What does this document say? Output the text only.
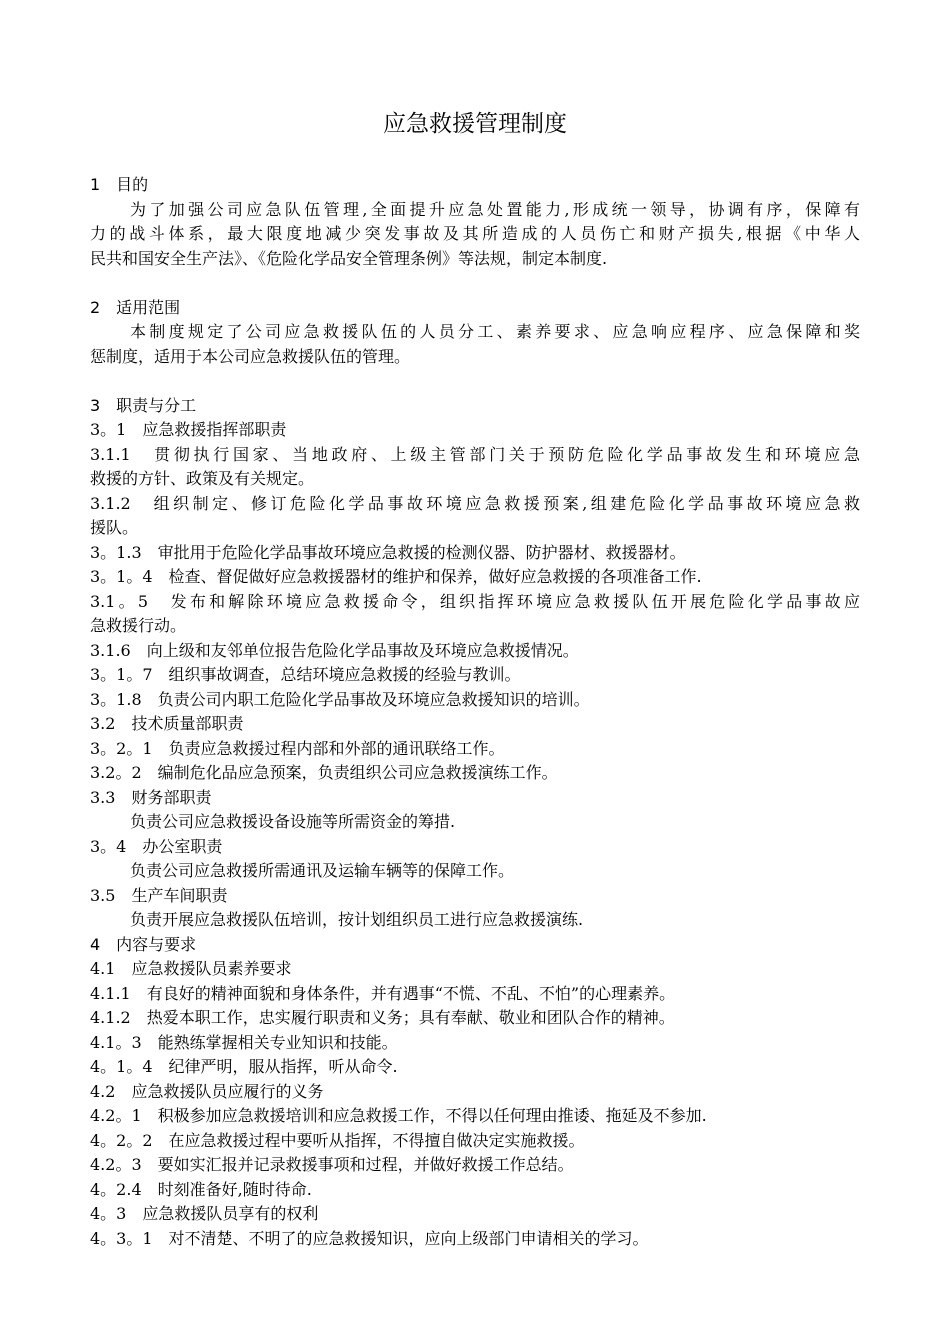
应急救援管理制度
1　目的
为了加强公司应急队伍管理,全面提升应急处置能力,形成统一领导，协调有序，保障有
力的战斗体系，最大限度地减少突发事故及其所造成的人员伤亡和财产损失,根据《中华人
民共和国安全生产法》、《危险化学品安全管理条例》等法规，制定本制度.
2　适用范围
本制度规定了公司应急救援队伍的人员分工、素养要求、应急响应程序、应急保障和奖
惩制度，适用于本公司应急救援队伍的管理。
3　职责与分工
3。1　应急救援指挥部职责
3.1.1　贯彻执行国家、当地政府、上级主管部门关于预防危险化学品事故发生和环境应急
救援的方针、政策及有关规定。
3.1.2　组织制定、修订危险化学品事故环境应急救援预案,组建危险化学品事故环境应急救
援队。
3。1.3　审批用于危险化学品事故环境应急救援的检测仪器、防护器材、救援器材。
3。1。4　检查、督促做好应急救援器材的维护和保养，做好应急救援的各项准备工作.
3.1。5　发布和解除环境应急救援命令，组织指挥环境应急救援队伍开展危险化学品事故应
急救援行动。
3.1.6　向上级和友邻单位报告危险化学品事故及环境应急救援情况。
3。1。7　组织事故调查，总结环境应急救援的经验与教训。
3。1.8　负责公司内职工危险化学品事故及环境应急救援知识的培训。
3.2　技术质量部职责
3。2。1　负责应急救援过程内部和外部的通讯联络工作。
3.2。2　编制危化品应急预案，负责组织公司应急救援演练工作。
3.3　财务部职责
负责公司应急救援设备设施等所需资金的筹措.
3。4　办公室职责
负责公司应急救援所需通讯及运输车辆等的保障工作。
3.5　生产车间职责
负责开展应急救援队伍培训，按计划组织员工进行应急救援演练.
4　内容与要求
4.1　应急救援队员素养要求
4.1.1　有良好的精神面貌和身体条件，并有遇事“不慌、不乱、不怕”的心理素养。
4.1.2　热爱本职工作，忠实履行职责和义务；具有奉献、敬业和团队合作的精神。
4.1。3　能熟练掌握相关专业知识和技能。
4。1。4　纪律严明，服从指挥，听从命令.
4.2　应急救援队员应履行的义务
4.2。1　积极参加应急救援培训和应急救援工作，不得以任何理由推诿、拖延及不参加.
4。2。2　在应急救援过程中要听从指挥，不得擅自做决定实施救援。
4.2。3　要如实汇报并记录救援事项和过程，并做好救援工作总结。
4。2.4　时刻准备好,随时待命.
4。3　应急救援队员享有的权利
4。3。1　对不清楚、不明了的应急救援知识，应向上级部门申请相关的学习。
